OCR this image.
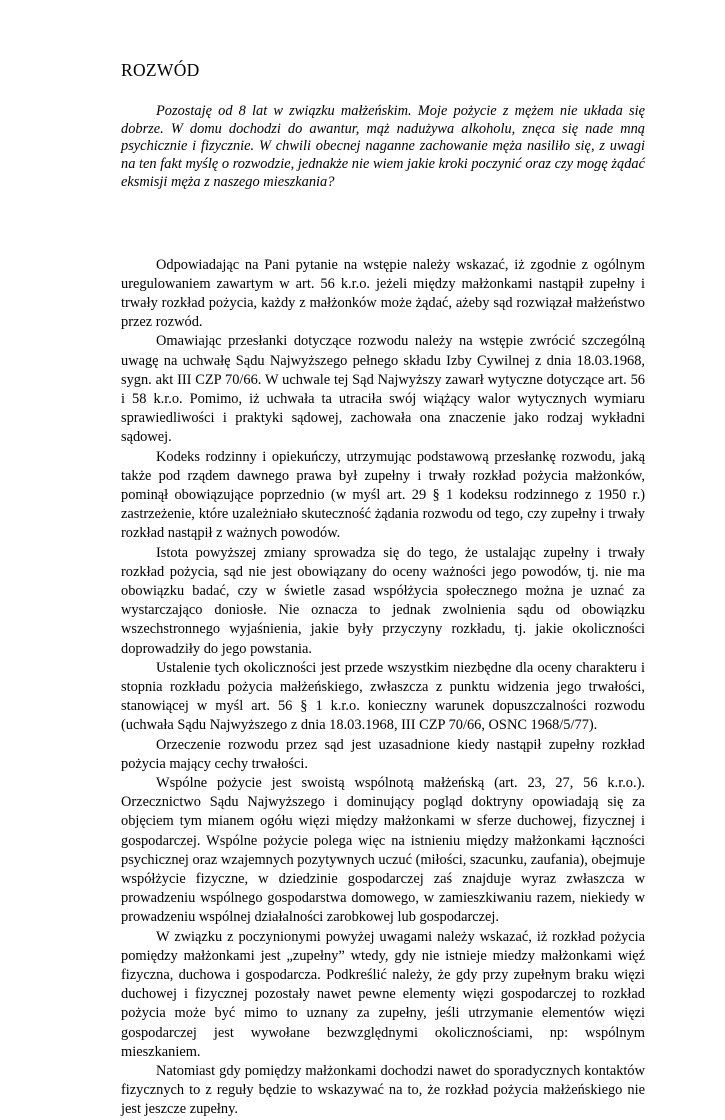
ROZWÓD

Pozostaję od 8 lat w związku małżeńskim. Moje pożycie z mężem nie układa się dobrze. W domu dochodzi do awantur, mąż nadużywa alkoholu, znęca się nade mną psychicznie i fizycznie. W chwili obecnej naganne zachowanie męża nasiliło się, z uwagi na ten fakt myślę o rozwodzie, jednakże nie wiem jakie kroki poczynić oraz czy mogę żądać eksmisji męża z naszego mieszkania?

Odpowiadając na Pani pytanie na wstępie należy wskazać, iż zgodnie z ogólnym uregulowaniem zawartym w art. 56 k.r.o. jeżeli między małżonkami nastąpił zupełny i trwały rozkład pożycia, każdy z małżonków może żądać, ażeby sąd rozwiązał małżeństwo przez rozwód.

Omawiając przesłanki dotyczące rozwodu należy na wstępie zwrócić szczególną uwagę na uchwałę Sądu Najwyższego pełnego składu Izby Cywilnej z dnia 18.03.1968, sygn. akt III CZP 70/66. W uchwale tej Sąd Najwyższy zawarł wytyczne dotyczące art. 56 i 58 k.r.o. Pomimo, iż uchwała ta utraciła swój wiążący walor wytycznych wymiaru sprawiedliwości i praktyki sądowej, zachowała ona znaczenie jako rodzaj wykładni sądowej.

Kodeks rodzinny i opiekuńczy, utrzymując podstawową przesłankę rozwodu, jaką także pod rządem dawnego prawa był zupełny i trwały rozkład pożycia małżonków, pominął obowiązujące poprzednio (w myśl art. 29 § 1 kodeksu rodzinnego z 1950 r.) zastrzeżenie, które uzależniało skuteczność żądania rozwodu od tego, czy zupełny i trwały rozkład nastąpił z ważnych powodów.

Istota powyższej zmiany sprowadza się do tego, że ustalając zupełny i trwały rozkład pożycia, sąd nie jest obowiązany do oceny ważności jego powodów, tj. nie ma obowiązku badać, czy w świetle zasad współżycia społecznego można je uznać za wystarczająco doniosłe. Nie oznacza to jednak zwolnienia sądu od obowiązku wszechstronnego wyjaśnienia, jakie były przyczyny rozkładu, tj. jakie okoliczności doprowadziły do jego powstania.

Ustalenie tych okoliczności jest przede wszystkim niezbędne dla oceny charakteru i stopnia rozkładu pożycia małżeńskiego, zwłaszcza z punktu widzenia jego trwałości, stanowiącej w myśl art. 56 § 1 k.r.o. konieczny warunek dopuszczalności rozwodu (uchwała Sądu Najwyższego z dnia 18.03.1968, III CZP 70/66, OSNC 1968/5/77).

Orzeczenie rozwodu przez sąd jest uzasadnione kiedy nastąpił zupełny rozkład pożycia mający cechy trwałości.

Wspólne pożycie jest swoistą wspólnotą małżeńską (art. 23, 27, 56 k.r.o.). Orzecznictwo Sądu Najwyższego i dominujący pogląd doktryny opowiadają się za objęciem tym mianem ogółu więzi między małżonkami w sferze duchowej, fizycznej i gospodarczej. Wspólne pożycie polega więc na istnieniu między małżonkami łączności psychicznej oraz wzajemnych pozytywnych uczuć (miłości, szacunku, zaufania), obejmuje współżycie fizyczne, w dziedzinie gospodarczej zaś znajduje wyraz zwłaszcza w prowadzeniu wspólnego gospodarstwa domowego, w zamieszkiwaniu razem, niekiedy w prowadzeniu wspólnej działalności zarobkowej lub gospodarczej.

W związku z poczynionymi powyżej uwagami należy wskazać, iż rozkład pożycia pomiędzy małżonkami jest „zupełny” wtedy, gdy nie istnieje miedzy małżonkami więź fizyczna, duchowa i gospodarcza. Podkreślić należy, że gdy przy zupełnym braku więzi duchowej i fizycznej pozostały nawet pewne elementy więzi gospodarczej to rozkład pożycia może być mimo to uznany za zupełny, jeśli utrzymanie elementów więzi gospodarczej jest wywołane bezwzględnymi okolicznościami, np: wspólnym mieszkaniem.

Natomiast gdy pomiędzy małżonkami dochodzi nawet do sporadycznych kontaktów fizycznych to z reguły będzie to wskazywać na to, że rozkład pożycia małżeńskiego nie jest jeszcze zupełny.
